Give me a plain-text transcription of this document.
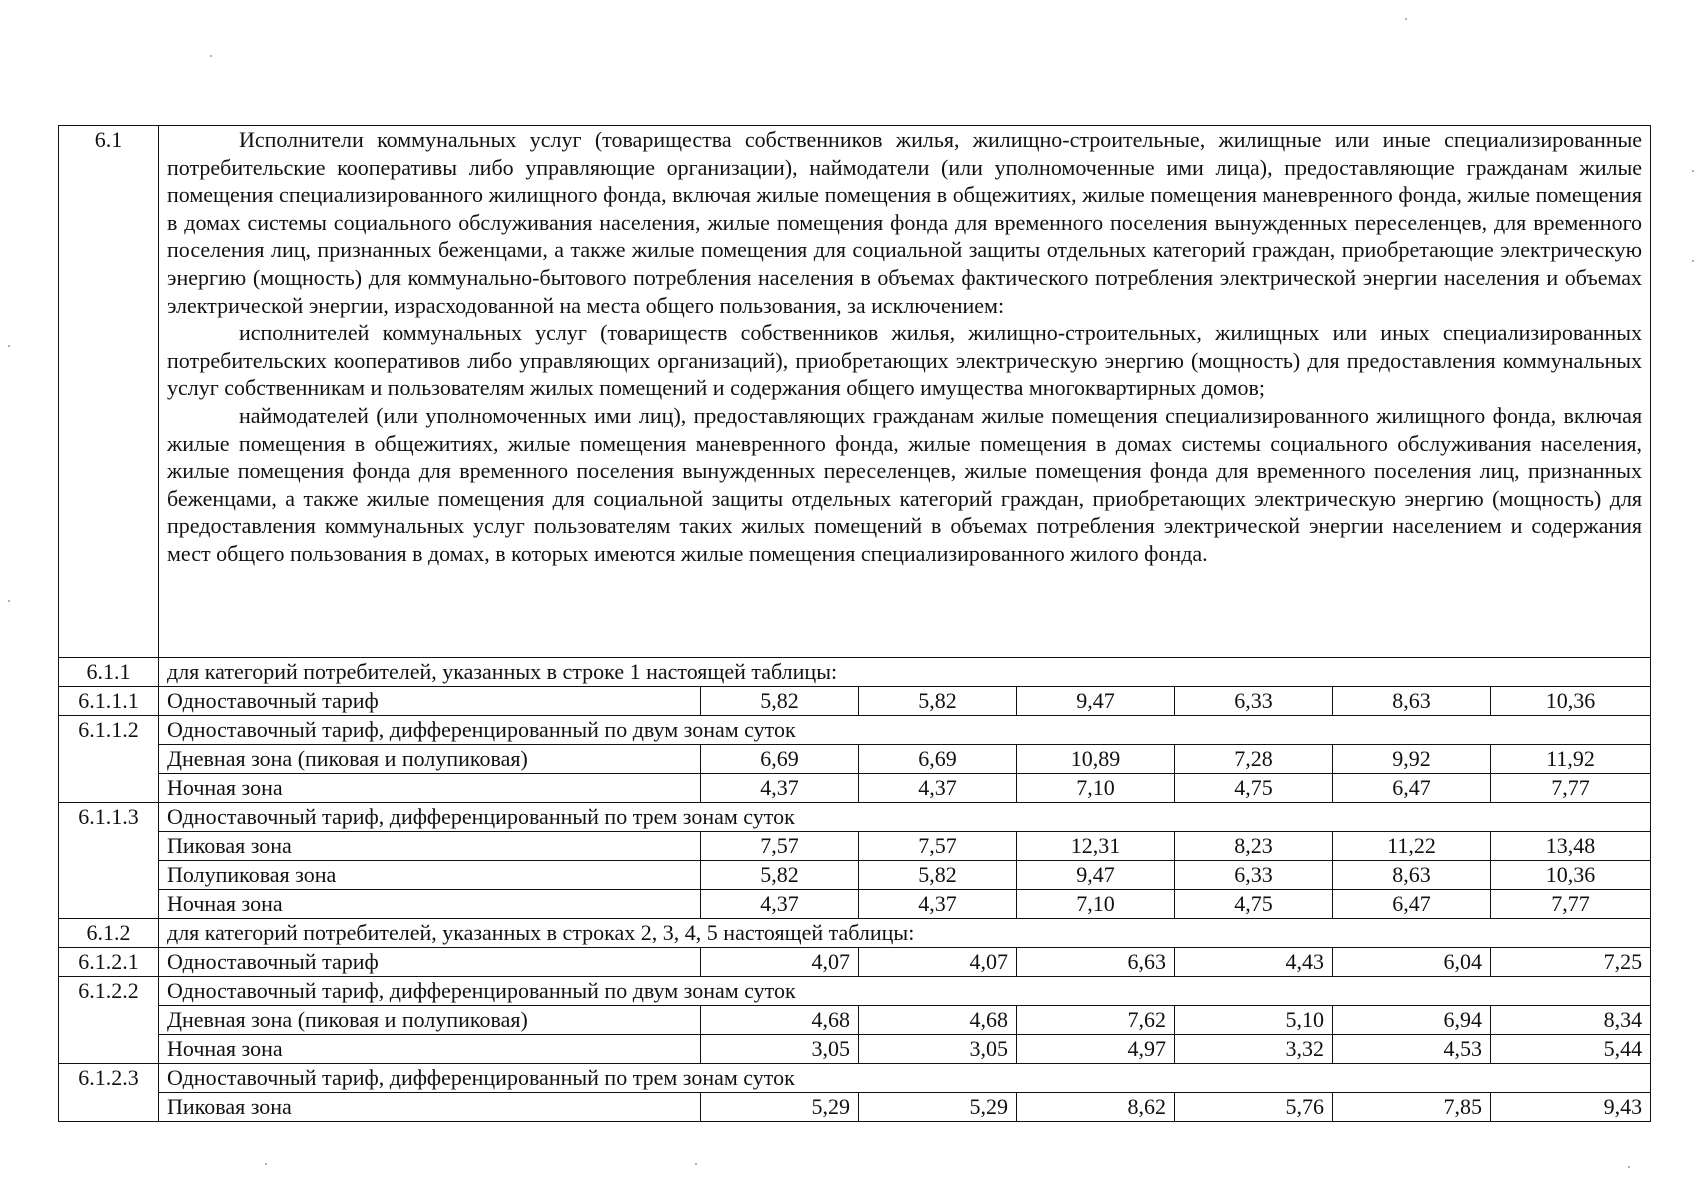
6.1	Исполнители коммунальных услуг (товарищества собственников жилья, жилищно-строительные, жилищные или иные специализированные потребительские кооперативы либо управляющие организации), наймодатели (или уполномоченные ими лица), предоставляющие гражданам жилые помещения специализированного жилищного фонда, включая жилые помещения в общежитиях, жилые помещения маневренного фонда, жилые помещения в домах системы социального обслуживания населения, жилые помещения фонда для временного поселения вынужденных переселенцев, для временного поселения лиц, признанных беженцами, а также жилые помещения для социальной защиты отдельных категорий граждан, приобретающие электрическую энергию (мощность) для коммунально-бытового потребления населения в объемах фактического потребления электрической энергии населения и объемах электрической энергии, израсходованной на места общего пользования, за исключением:

исполнителей коммунальных услуг (товариществ собственников жилья, жилищно-строительных, жилищных или иных специализированных потребительских кооперативов либо управляющих организаций), приобретающих электрическую энергию (мощность) для предоставления коммунальных услуг собственникам и пользователям жилых помещений и содержания общего имущества многоквартирных домов;

наймодателей (или уполномоченных ими лиц), предоставляющих гражданам жилые помещения специализированного жилищного фонда, включая жилые помещения в общежитиях, жилые помещения маневренного фонда, жилые помещения в домах системы социального обслуживания населения, жилые помещения фонда для временного поселения вынужденных переселенцев, жилые помещения фонда для временного поселения лиц, признанных беженцами, а также жилые помещения для социальной защиты отдельных категорий граждан, приобретающих электрическую энергию (мощность) для предоставления коммунальных услуг пользователям таких жилых помещений в объемах потребления электрической энергии населением и содержания мест общего пользования в домах, в которых имеются жилые помещения специализированного жилого фонда.						

6.1.1	для категорий потребителей, указанных в строке 1 настоящей таблицы:						
6.1.1.1	Одноставочный тариф	5,82	5,82	9,47	6,33	8,63	10,36
6.1.1.2	Одноставочный тариф, дифференцированный по двум зонам суток						
	Дневная зона (пиковая и полупиковая)	6,69	6,69	10,89	7,28	9,92	11,92
	Ночная зона	4,37	4,37	7,10	4,75	6,47	7,77
6.1.1.3	Одноставочный тариф, дифференцированный по трем зонам суток						
	Пиковая зона	7,57	7,57	12,31	8,23	11,22	13,48
	Полупиковая зона	5,82	5,82	9,47	6,33	8,63	10,36
	Ночная зона	4,37	4,37	7,10	4,75	6,47	7,77
6.1.2	для категорий потребителей, указанных в строках 2, 3, 4, 5 настоящей таблицы:						
6.1.2.1	Одноставочный тариф	4,07	4,07	6,63	4,43	6,04	7,25
6.1.2.2	Одноставочный тариф, дифференцированный по двум зонам суток						
	Дневная зона (пиковая и полупиковая)	4,68	4,68	7,62	5,10	6,94	8,34
	Ночная зона	3,05	3,05	4,97	3,32	4,53	5,44
6.1.2.3	Одноставочный тариф, дифференцированный по трем зонам суток						
	Пиковая зона	5,29	5,29	8,62	5,76	7,85	9,43
